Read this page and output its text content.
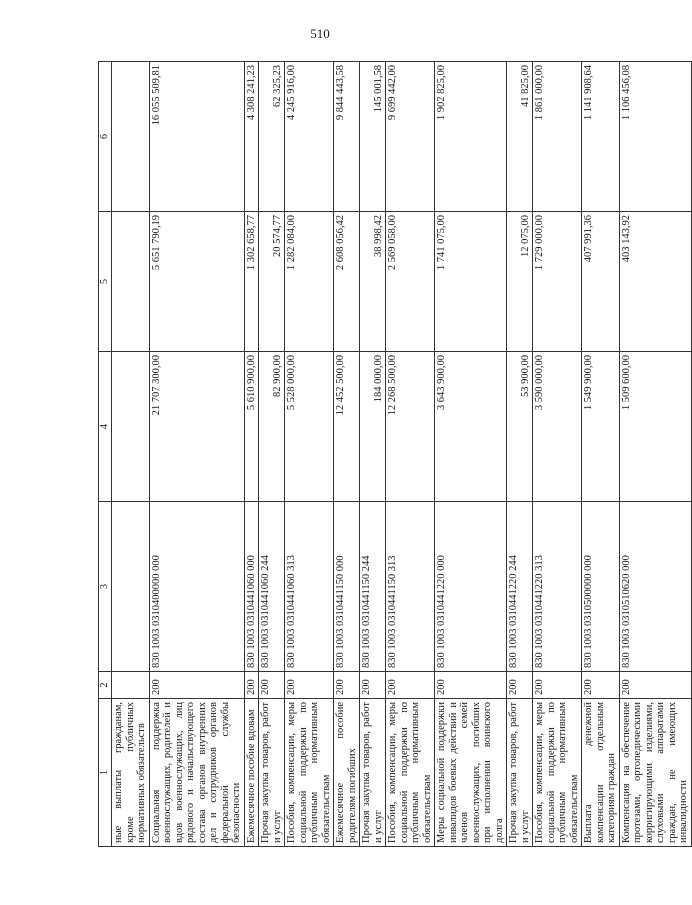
510
1	2	3	4	5	6
ные выплаты гражданам, кроме публичных нормативных обязательств					
Социальная поддержка военнослужащих, родителей и вдов военнослужащих, лиц рядового и начальствующего состава органов внутренних дел и сотрудников органов федеральной службы безопасности	200	830 1003 0310400000 000	21 707 300,00	5 651 790,19	16 055 509,81
Ежемесячное пособие вдовам	200	830 1003 0310441060 000	5 610 900,00	1 302 658,77	4 308 241,23
Прочая закупка товаров, работ и услуг	200	830 1003 0310441060 244	82 900,00	20 574,77	62 325,23
Пособия, компенсации, меры социальной поддержки по публичным нормативным обязательствам	200	830 1003 0310441060 313	5 528 000,00	1 282 084,00	4 245 916,00
Ежемесячное пособие родителям погибших	200	830 1003 0310441150 000	12 452 500,00	2 608 056,42	9 844 443,58
Прочая закупка товаров, работ и услуг	200	830 1003 0310441150 244	184 000,00	38 998,42	145 001,58
Пособия, компенсации, меры социальной поддержки по публичным нормативным обязательствам	200	830 1003 0310441150 313	12 268 500,00	2 569 058,00	9 699 442,00
Меры социальной поддержки инвалидов боевых действий и членов семей военнослужащих, погибших при исполнении воинского долга	200	830 1003 0310441220 000	3 643 900,00	1 741 075,00	1 902 825,00
Прочая закупка товаров, работ и услуг	200	830 1003 0310441220 244	53 900,00	12 075,00	41 825,00
Пособия, компенсации, меры социальной поддержки по публичным нормативным обязательствам	200	830 1003 0310441220 313	3 590 000,00	1 729 000,00	1 861 000,00
Выплата денежной компенсации отдельным категориям граждан	200	830 1003 0310500000 000	1 549 900,00	407 991,36	1 141 908,64
Компенсация на обеспечение протезами, ортопедическими корригирующими изделиями, слуховыми аппаратами граждан, не имеющих инвалидности	200	830 1003 0310510620 000	1 509 600,00	403 143,92	1 106 456,08
